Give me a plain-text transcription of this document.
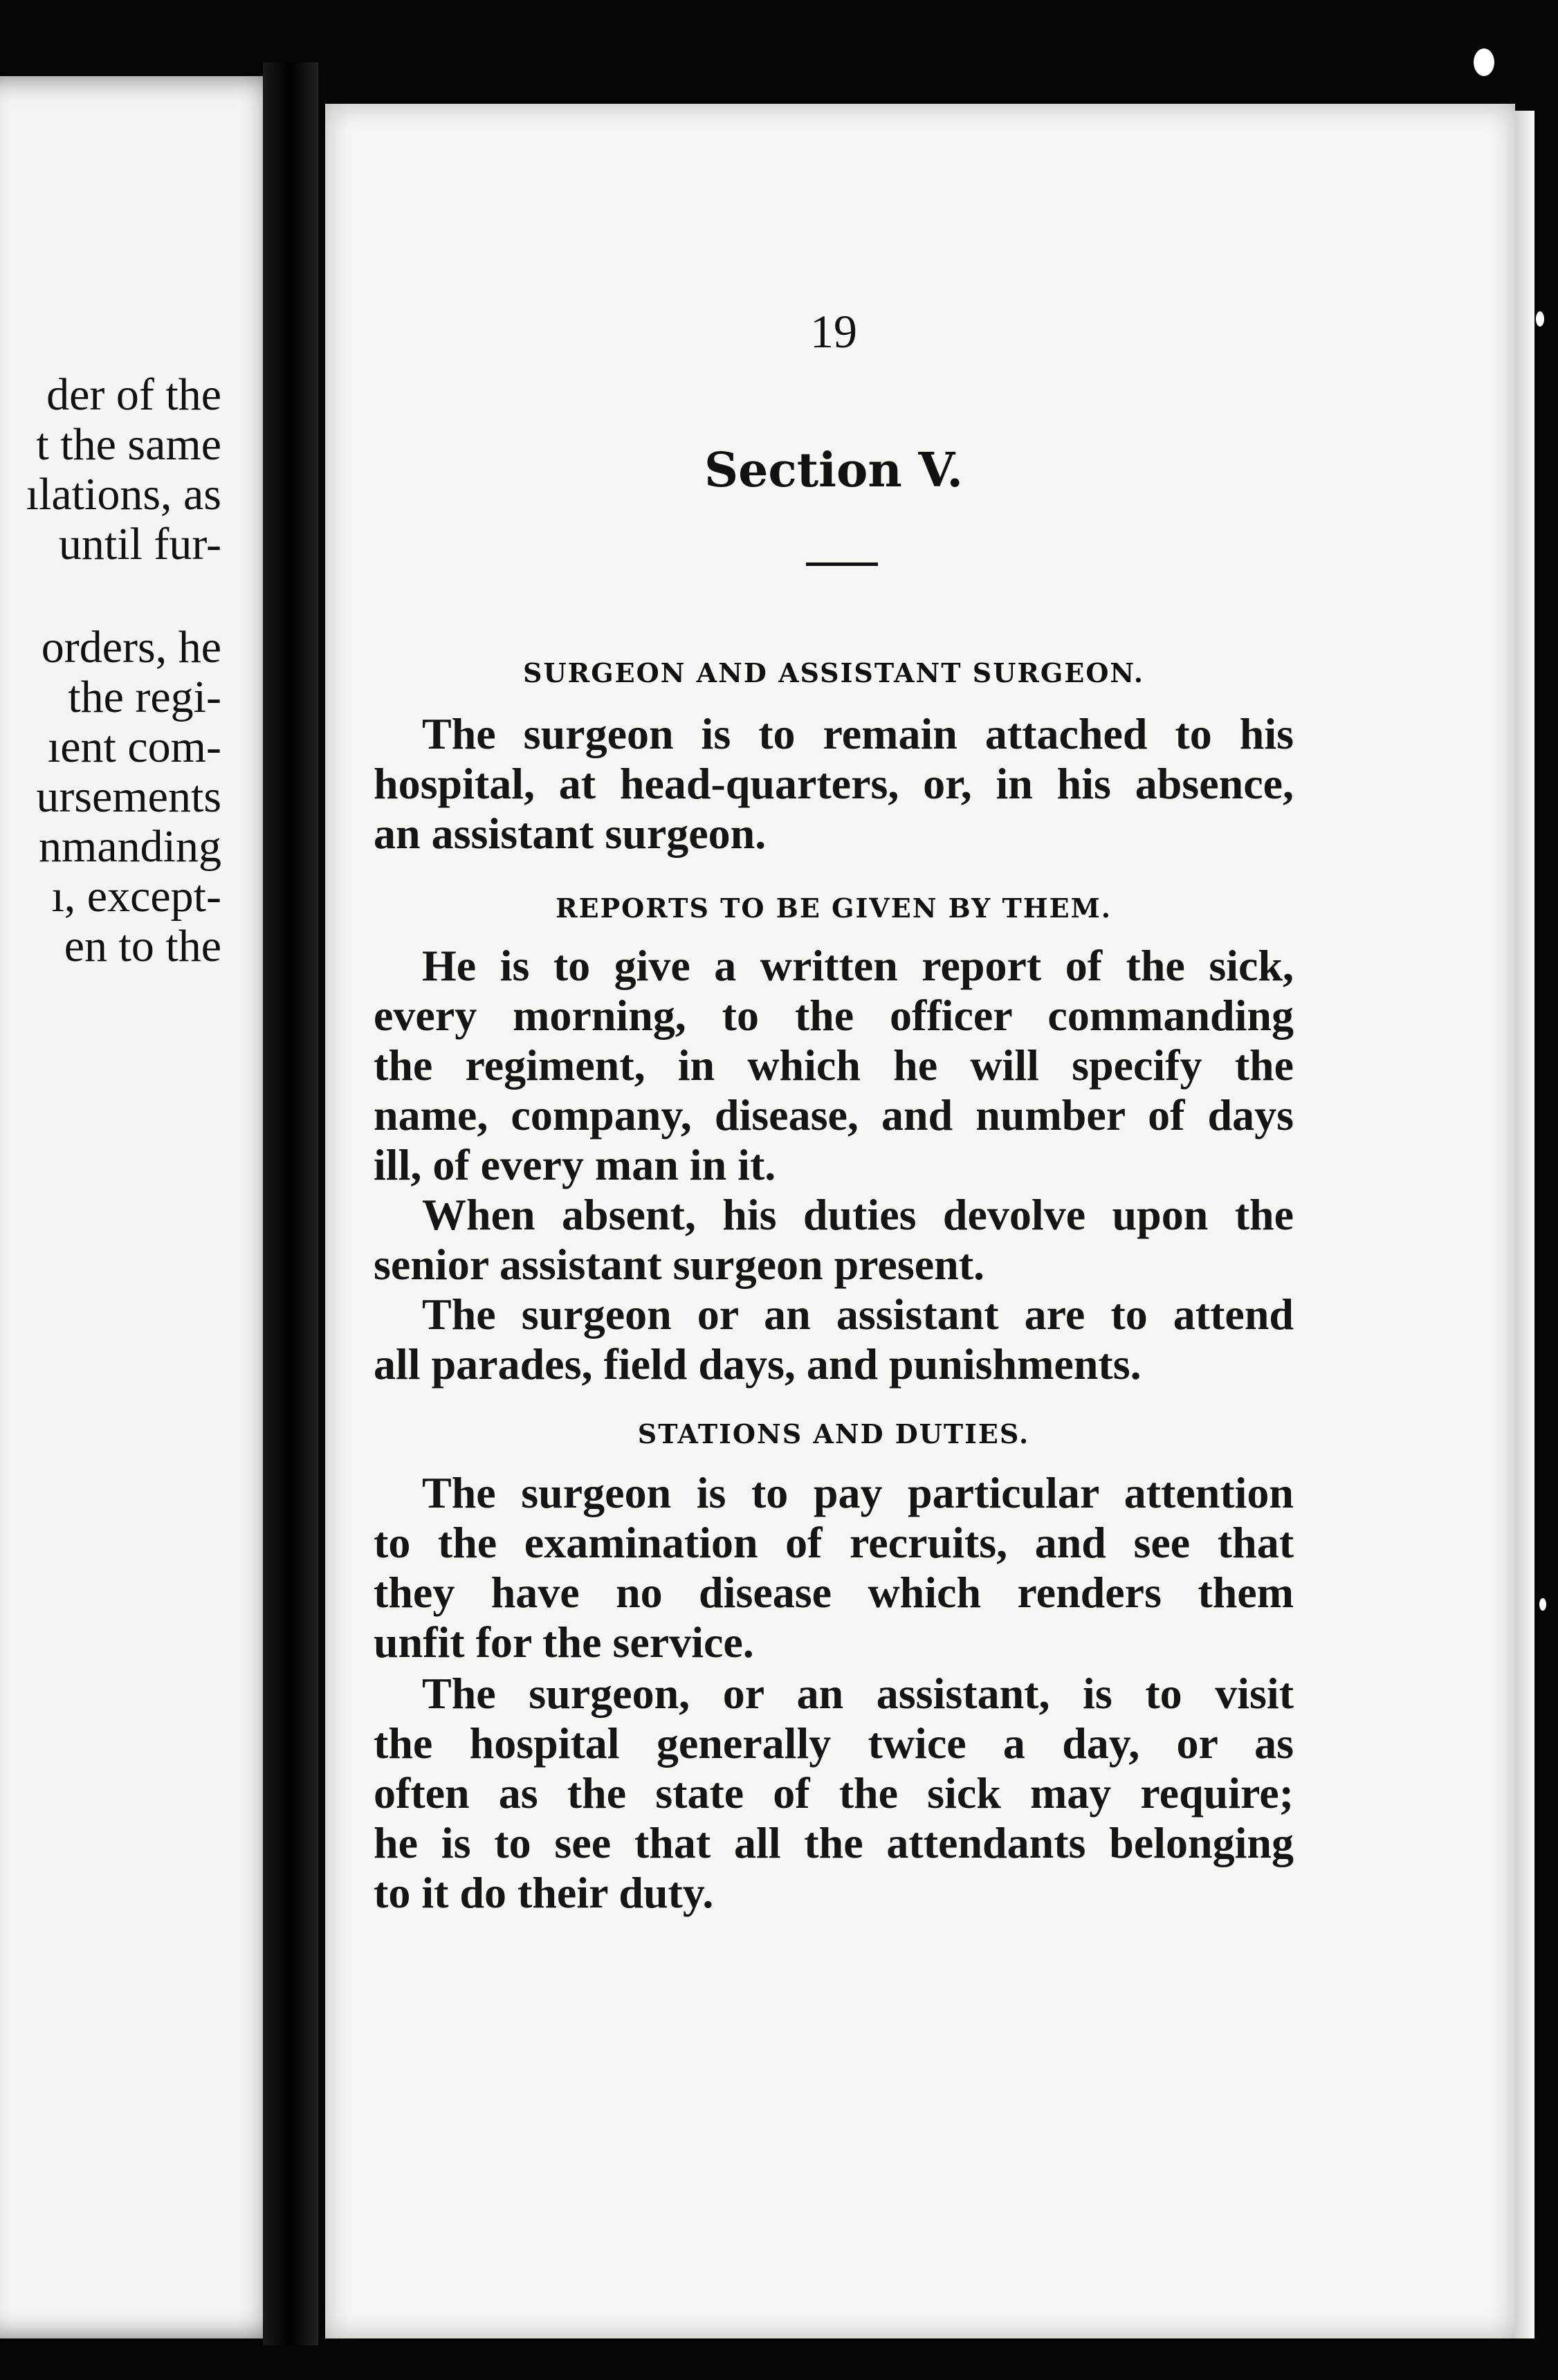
der of the
t the same
ılations, as
until fur-
orders, he
the regi-
ıent com-
ursements
nmanding
ı, except-
en to the
19
Section V.
SURGEON AND ASSISTANT SURGEON.
The surgeon is to remain attached to his
hospital, at head-quarters, or, in his absence,
an assistant surgeon.
REPORTS TO BE GIVEN BY THEM.
He is to give a written report of the sick,
every morning, to the officer commanding
the regiment, in which he will specify the
name, company, disease, and number of days
ill, of every man in it.
When absent, his duties devolve upon the
senior assistant surgeon present.
The surgeon or an assistant are to attend
all parades, field days, and punishments.
STATIONS AND DUTIES.
The surgeon is to pay particular attention
to the examination of recruits, and see that
they have no disease which renders them
unfit for the service.
The surgeon, or an assistant, is to visit
the hospital generally twice a day, or as
often as the state of the sick may require;
he is to see that all the attendants belonging
to it do their duty.
